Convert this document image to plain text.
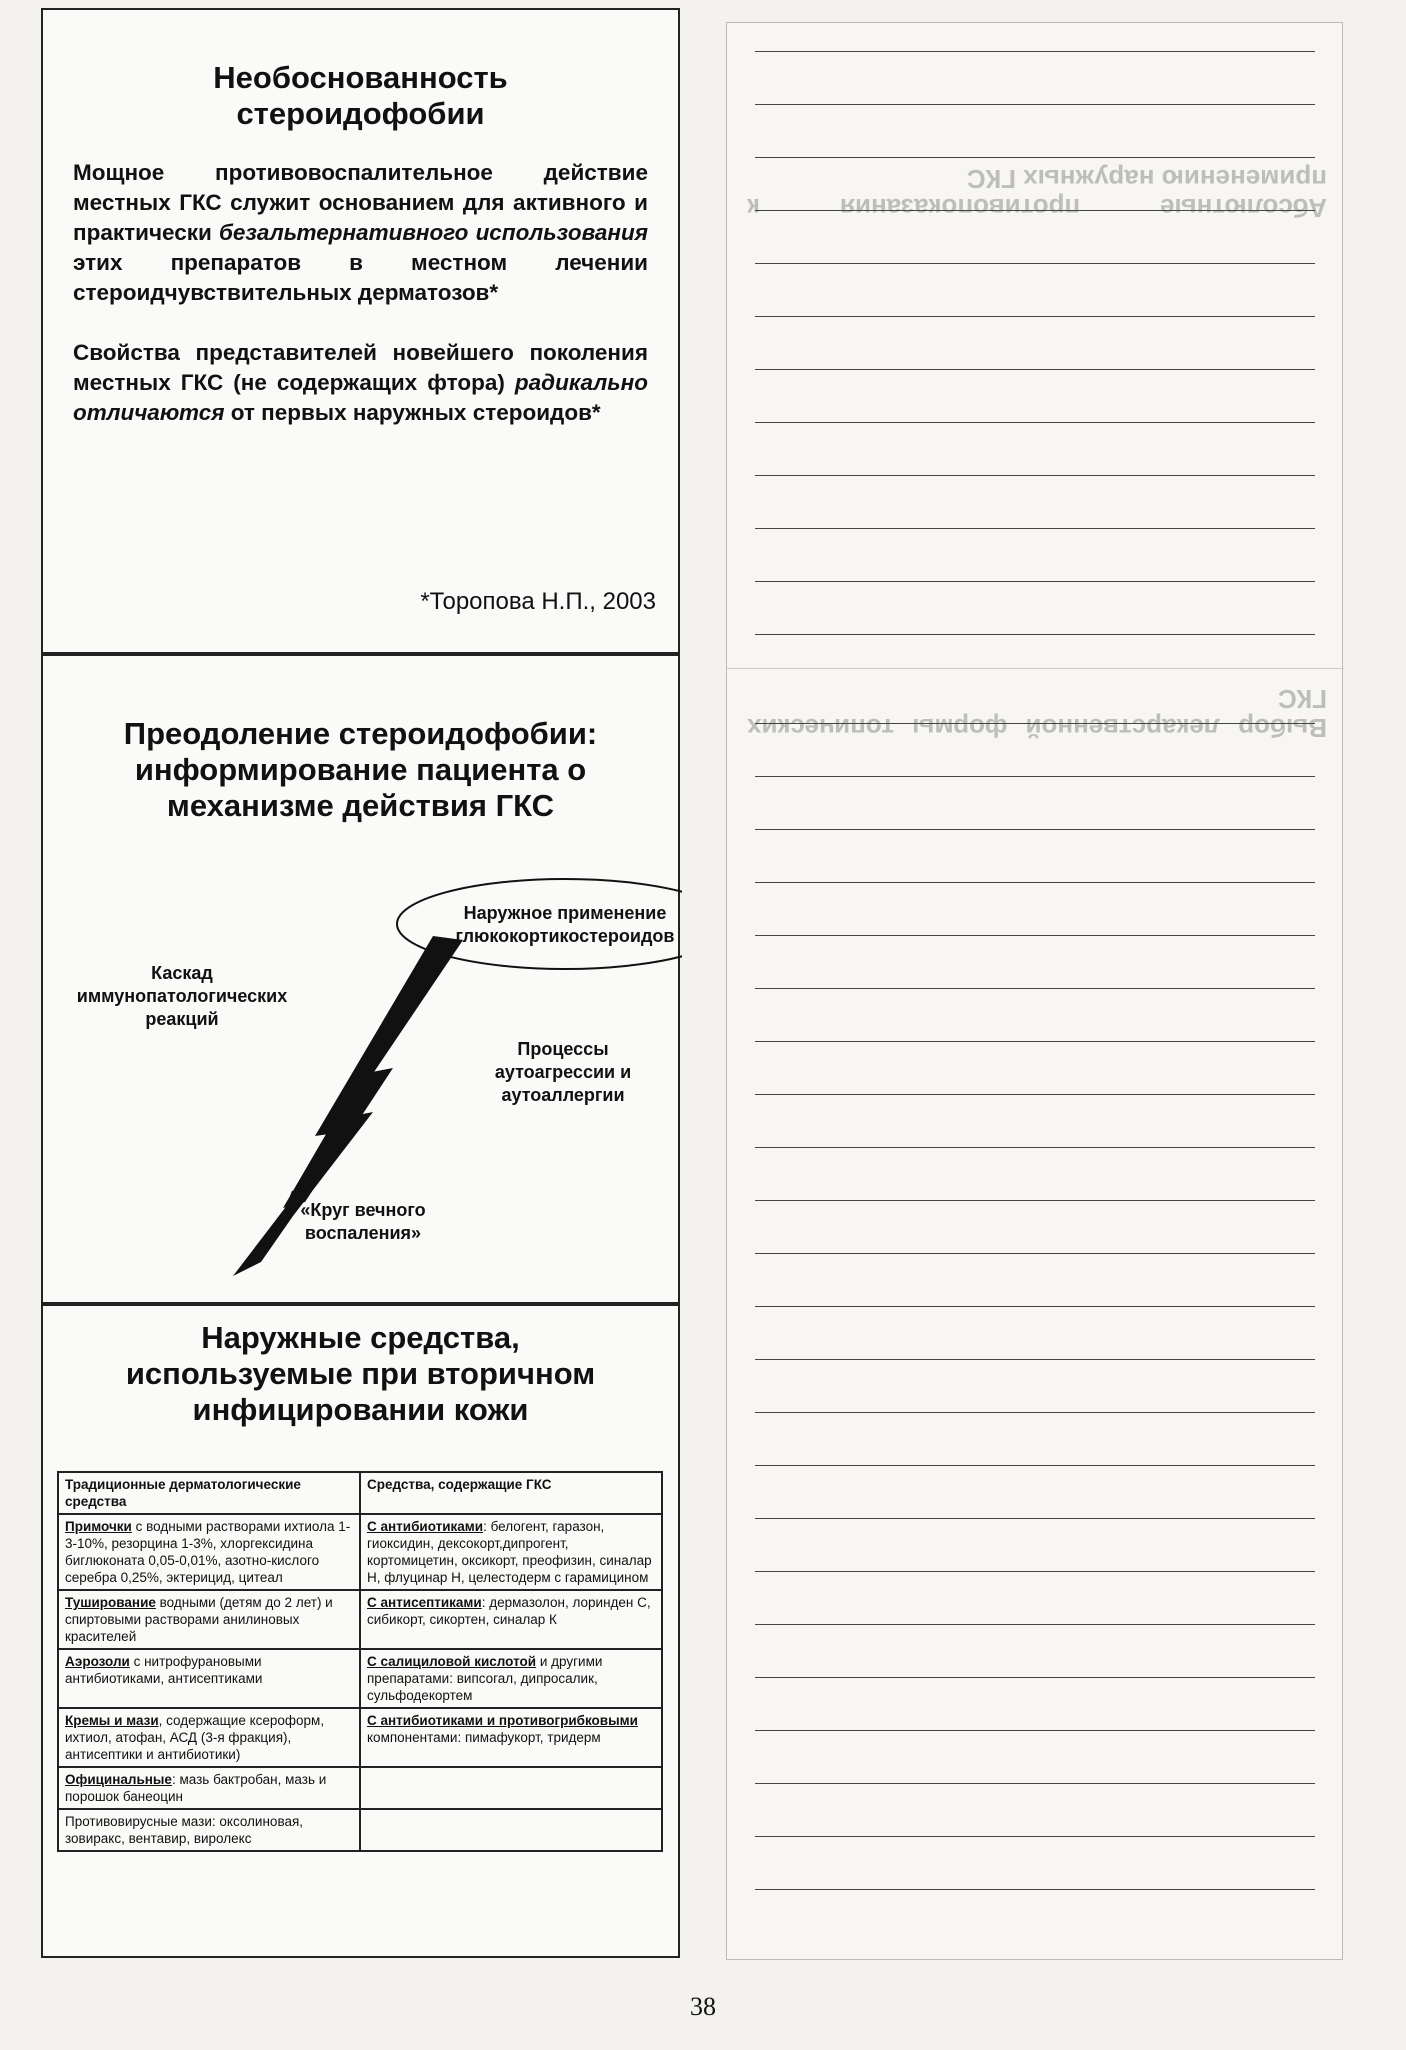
Необоснованность стероидофобии

Мощное противовоспалительное действие местных ГКС служит основанием для активного и практически безальтернативного использования этих препаратов в местном лечении стероидчувствительных дерматозов*

Свойства представителей новейшего поколения местных ГКС (не содержащих фтора) радикально отличаются от первых наружных стероидов*

*Торопова Н.П., 2003
Преодоление стероидофобии: информирование пациента о механизме действия ГКС
Наружное применение глюкокортикостероидов
Каскад иммунопатологических реакций
Процессы аутоагрессии и аутоаллергии
«Круг вечного воспаления»
Наружные средства, используемые при вторичном инфицировании кожи
Традиционные дерматологические средства	Средства, содержащие ГКС
Примочки с водными растворами ихтиола 1-3-10%, резорцина 1-3%, хлоргексидина биглюконата 0,05-0,01%, азотно-кислого серебра 0,25%, эктерицид, цитеал	С антибиотиками: белогент, гаразон, гиоксидин, дексокорт,дипрогент, кортомицетин, оксикорт, преофизин, синалар Н, флуцинар Н, целестодерм с гарамицином
Туширование водными (детям до 2 лет) и спиртовыми растворами анилиновых красителей	С антисептиками: дермазолон, лоринден С, сибикорт, сикортен, синалар К
Аэрозоли с нитрофурановыми антибиотиками, антисептиками	С салициловой кислотой и другими препаратами: випсогал, дипросалик, сульфодекортем
Кремы и мази, содержащие ксероформ, ихтиол, атофан, АСД (3-я фракция), антисептики и антибиотики)	С антибиотиками и противогрибковыми компонентами: пимафукорт, тридерм
Официнальные: мазь бактробан, мазь и порошок банеоцин	
Противовирусные мази: оксолиновая, зовиракс, вентавир, виролекс	
Абсолютные противопоказания к применению наружных ГКС
Выбор лекарственной формы топических ГКС
38
